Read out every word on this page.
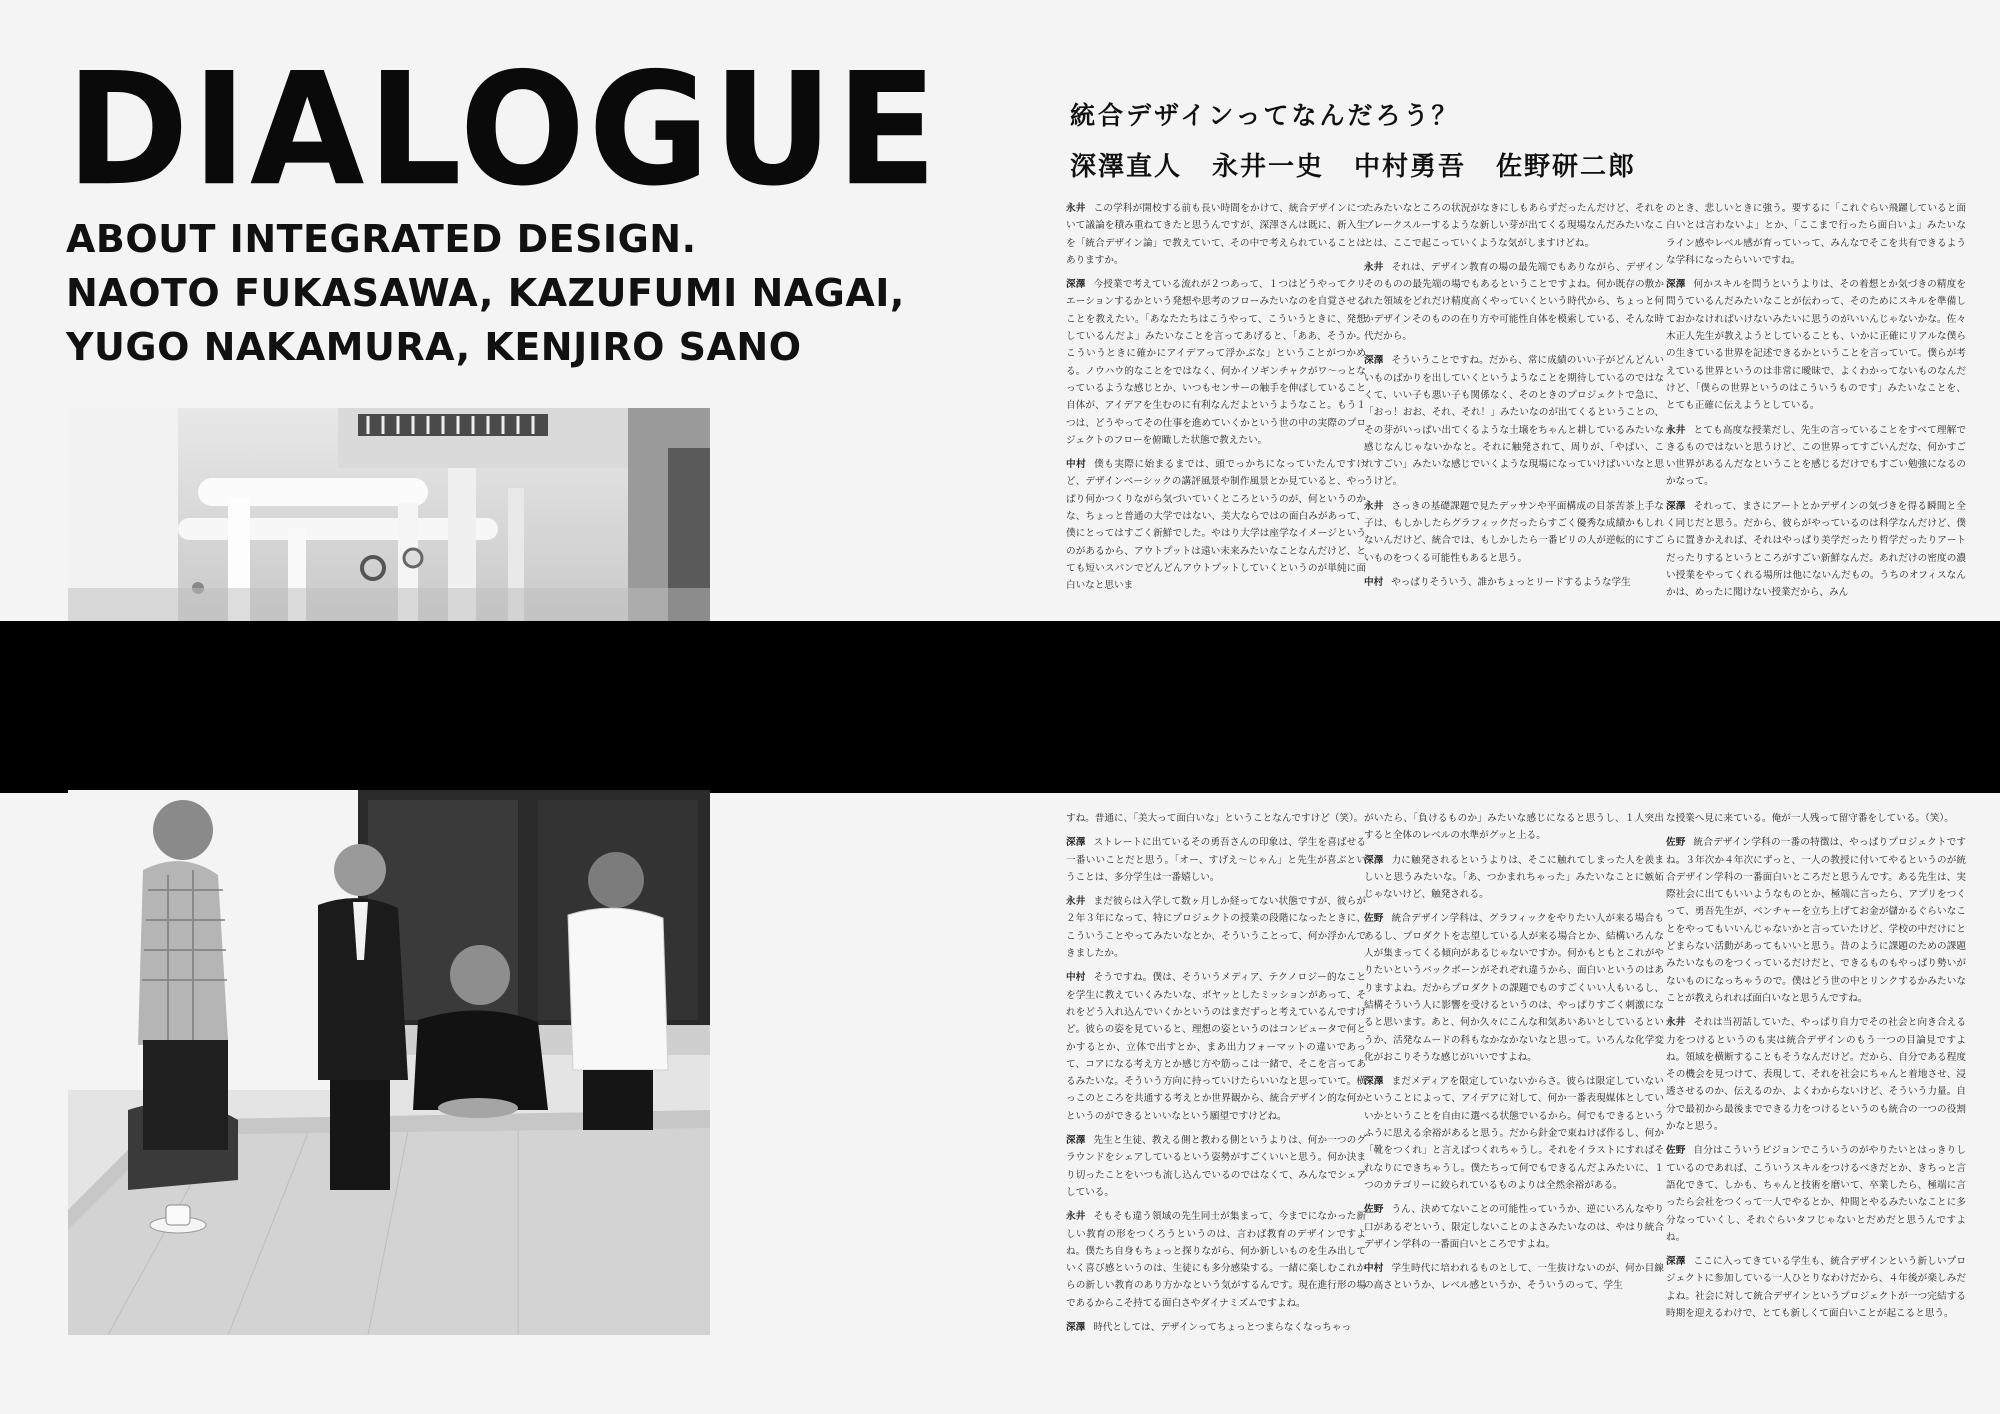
DIALOGUE
ABOUT INTEGRATED DESIGN.
NAOTO FUKASAWA, KAZUFUMI NAGAI,
YUGO NAKAMURA, KENJIRO SANO
統合デザインってなんだろう？
深澤直人 永井一史 中村勇吾 佐野研二郎

永井 この学科が開校する前も長い時間をかけて、統合デザインについて議論を積み重ねてきたと思うんですが、深澤さんは既に、新入生を「統合デザイン論」で教えていて、その中で考えられていることはありますか。

深澤 今授業で考えている流れが２つあって、１つはどうやってクリエーションするかという発想や思考のフローみたいなのを自覚させることを教えたい。「あなたたちはこうやって、こういうときに、発想しているんだよ」みたいなことを言ってあげると、「ああ、そうか。こういうときに確かにアイデアって浮かぶな」ということがつかめる。ノウハウ的なことをではなく、何かイソギンチャクがワ〜っとなっているような感じとか、いつもセンサーの触手を伸ばしていること自体が、アイデアを生むのに有利なんだよというようなこと。もう１つは、どうやってその仕事を進めていくかという世の中の実際のプロジェクトのフローを俯瞰した状態で教えたい。

中村 僕も実際に始まるまでは、頭でっかちになっていたんですけど、デザインベーシックの講評風景や制作風景とか見ていると、やっぱり何かつくりながら気づいていくところというのが、何というのかな、ちょっと普通の大学ではない、美大ならではの面白みがあって、僕にとってはすごく新鮮でした。やはり大学は座学なイメージというのがあるから、アウトプットは遠い未来みたいなことなんだけど、とても短いスパンでどんどんアウトプットしていくというのが単純に面白いなと思いま

たみたいなところの状況がなきにしもあらずだったんだけど、それをブレークスルーするような新しい芽が出てくる現場なんだみたいなことは、ここで起こっていくような気がしますけどね。

永井 それは、デザイン教育の場の最先端でもありながら、デザインそのものの最先端の場でもあるということですよね。何か既存の敷かれた領域をどれだけ精度高くやっていくという時代から、ちょっと何かデザインそのものの在り方や可能性自体を模索している、そんな時代だから。

深澤 そういうことですね。だから、常に成績のいい子がどんどんいいものばかりを出していくというようなことを期待しているのではなくて、いい子も悪い子も関係なく、そのときのプロジェクトで急に、「おっ！おお、それ、それ！」みたいなのが出てくるということの、その芽がいっぱい出てくるような土壌をちゃんと耕しているみたいな感じなんじゃないかなと。それに触発されて、周りが、「やばい、これすごい」みたいな感じでいくような現場になっていけばいいなと思うけど。

永井 さっきの基礎課題で見たデッサンや平面構成の目茶苦茶上手な子は、もしかしたらグラフィックだったらすごく優秀な成績かもしれないんだけど、統合では、もしかしたら一番ビリの人が逆転的にすごいものをつくる可能性もあると思う。

中村 やっぱりそういう、誰かちょっとリードするような学生

のとき、悲しいときに強う。要するに「これぐらい飛躍していると面白いとは言わないよ」とか、「ここまで行ったら面白いよ」みたいなライン感やレベル感が育っていって、みんなでそこを共有できるような学科になったらいいですね。

深澤 何かスキルを問うというよりは、その着想とか気づきの精度を問うているんだみたいなことが伝わって、そのためにスキルを準備しておかなければいけないみたいに思うのがいいんじゃないかな。佐々木正人先生が教えようとしていることも、いかに正確にリアルな僕らの生きている世界を記述できるかということを言っていて。僕らが考えている世界というのは非常に曖昧で、よくわかってないものなんだけど、「僕らの世界というのはこういうものです」みたいなことを、とても正確に伝えようとしている。

永井 とても高度な授業だし、先生の言っていることをすべて理解できるものではないと思うけど、この世界ってすごいんだな、何かすごい世界があるんだなということを感じるだけでもすごい勉強になるのかなって。

深澤 それって、まさにアートとかデザインの気づきを得る瞬間と全く同じだと思う。だから、彼らがやっているのは科学なんだけど、僕らに置きかえれば、それはやっぱり美学だったり哲学だったりアートだったりするというところがすごい新鮮なんだ。あれだけの密度の濃い授業をやってくれる場所は他にないんだもの。うちのオフィスなんかは、めったに聞けない授業だから、みん

すね。普通に、「美大って面白いな」ということなんですけど（笑）。

深澤 ストレートに出ているその勇吾さんの印象は、学生を喜ばせる一番いいことだと思う。「オー、すげえ〜じゃん」と先生が喜ぶということは、多分学生は一番嬉しい。

永井 まだ彼らは入学して数ヶ月しか経ってない状態ですが、彼らが２年３年になって、特にプロジェクトの授業の段階になったときに、こういうことやってみたいなとか、そういうことって、何か浮かんできましたか。

中村 そうですね。僕は、そういうメディア、テクノロジー的なことを学生に教えていくみたいな、ボヤッとしたミッションがあって、それをどう入れ込んでいくかというのはまだずっと考えているんですけど。彼らの姿を見ていると、理想の姿というのはコンピュータで何とかするとか、立体で出すとか、まあ出力フォーマットの違いであって、コアになる考え方とか感じ方や筋っこは一緒で、そこを言ってあるみたいな。そういう方向に持っていけたらいいなと思っていて。横っこのところを共通する考えとか世界観から、統合デザイン的な何かというのができるといいなという願望ですけどね。

深澤 先生と生徒、教える側と教わる側というよりは、何か一つのグラウンドをシェアしているという姿勢がすごくいいと思う。何か決まり切ったことをいつも流し込んでいるのではなくて、みんなでシェアしている。

永井 そもそも違う領域の先生同士が集まって、今までになかった新しい教育の形をつくろうというのは、言わば教育のデザインですよね。僕たち自身もちょっと探りながら、何か新しいものを生み出していく喜び感というのは、生徒にも多分感染する。一緒に楽しむこれからの新しい教育のあり方かなという気がするんです。現在進行形の場であるからこそ持てる面白さやダイナミズムですよね。

深澤 時代としては、デザインってちょっとつまらなくなっちゃっ

がいたら、「負けるものか」みたいな感じになると思うし、１人突出すると全体のレベルの水準がグッと上る。

深澤 力に触発されるというよりは、そこに触れてしまった人を羨ましいと思うみたいな。「あ、つかまれちゃった」みたいなことに嫉妬じゃないけど、触発される。

佐野 統合デザイン学科は、グラフィックをやりたい人が来る場合もあるし、プロダクトを志望している人が来る場合とか、結構いろんな人が集まってくる傾向があるじゃないですか。何かもともとこれがやりたいというバックボーンがそれぞれ違うから、面白いというのはありますよね。だからプロダクトの課題でものすごくいい人もいるし、結構そういう人に影響を受けるというのは、やっぱりすごく刺激になると思います。あと、何か久々にこんな和気あいあいとしているというか、活発なムードの科もなかなかないなと思って。いろんな化学変化がおこりそうな感じがいいですよね。

深澤 まだメディアを限定していないからさ。彼らは限定していないということによって、アイデアに対して、何か一番表現媒体としていいかということを自由に選べる状態でいるから。何でもできるというふうに思える余裕があると思う。だから針金で束ねけば作るし、何か「靴をつくれ」と言えばつくれちゃうし。それをイラストにすればそれなりにできちゃうし。僕たちって何でもできるんだよみたいに、１つのカテゴリーに絞られているものよりは全然余裕がある。

佐野 うん、決めてないことの可能性っていうか、逆にいろんなやり口があるぞという、限定しないことのよさみたいなのは、やはり統合デザイン学科の一番面白いところですよね。

中村 学生時代に培われるものとして、一生抜けないのが、何か目線の高さというか、レベル感というか、そういうのって、学生

な授業へ見に来ている。俺が一人残って留守番をしている。（笑）。

佐野 統合デザイン学科の一番の特徴は、やっぱりプロジェクトですね。３年次か４年次にずっと、一人の教授に付いてやるというのが統合デザイン学科の一番面白いところだと思うんです。ある先生は、実際社会に出てもいいようなものとか、極端に言ったら、アプリをつくって、勇吾先生が、ベンチャーを立ち上げてお金が儲かるぐらいなことをやってもいいんじゃないかと言っていたけど、学校の中だけにとどまらない活動があってもいいと思う。昔のように課題のための課題みたいなものをつくっているだけだと、できるものもやっぱり勢いがないものになっちゃうので。僕はどう世の中とリンクするかみたいなことが教えられれば面白いなと思うんですね。

永井 それは当初話していた、やっぱり自力でその社会と向き合える力をつけるというのも実は統合デザインのもう一つの目論見ですよね。領域を横断することもそうなんだけど。だから、自分である程度その機会を見つけて、表現して、それを社会にちゃんと着地させ、浸透させるのか、伝えるのか、よくわからないけど、そういう力量。自分で最初から最後までできる力をつけるというのも統合の一つの役割かなと思う。

佐野 自分はこういうビジョンでこういうのがやりたいとはっきりしているのであれば、こういうスキルをつけるべきだとか、きちっと言語化できて、しかも、ちゃんと技術を磨いて、卒業したら、極端に言ったら会社をつくって一人でやるとか、仲間とやるみたいなことに多分なっていくし、それぐらいタフじゃないとだめだと思うんですよね。

深澤 ここに入ってきている学生も、統合デザインという新しいプロジェクトに参加している一人ひとりなわけだから、４年後が楽しみだよね。社会に対して統合デザインというプロジェクトが一つ完結する時期を迎えるわけで、とても新しくて面白いことが起こると思う。
